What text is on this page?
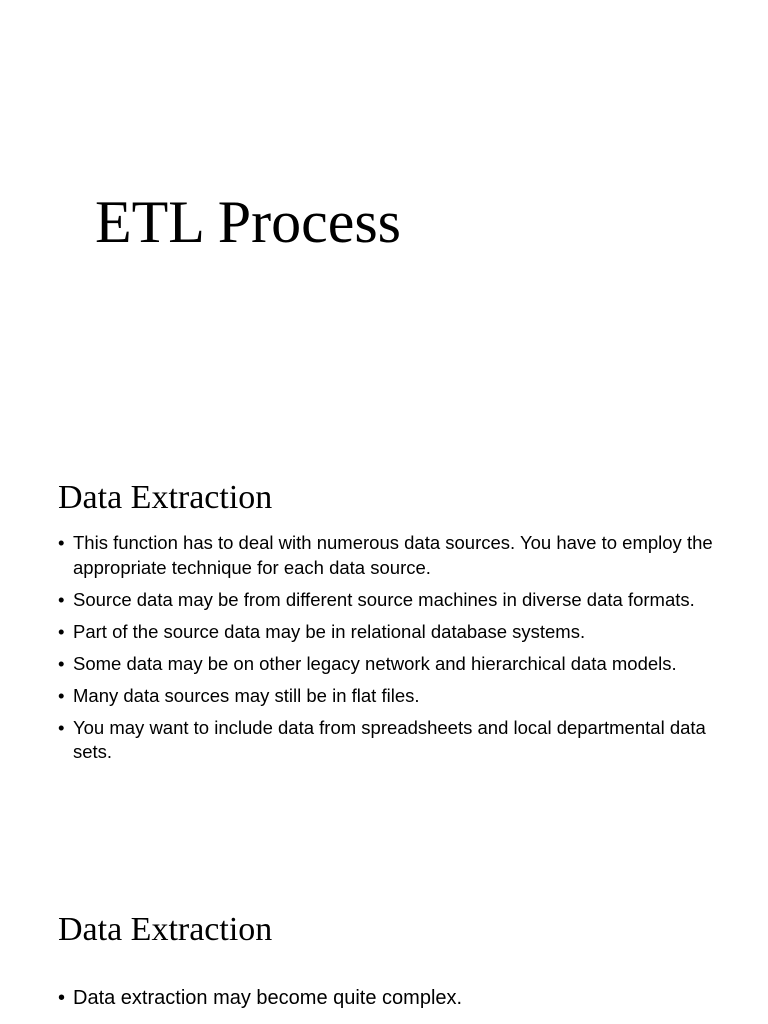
ETL Process
Data Extraction
• This function has to deal with numerous data sources. You have to employ the appropriate technique for each data source.
• Source data may be from different source machines in diverse data formats.
• Part of the source data may be in relational database systems.
• Some data may be on other legacy network and hierarchical data models.
• Many data sources may still be in flat files.
• You may want to include data from spreadsheets and local departmental data sets.
Data Extraction
• Data extraction may become quite complex.
